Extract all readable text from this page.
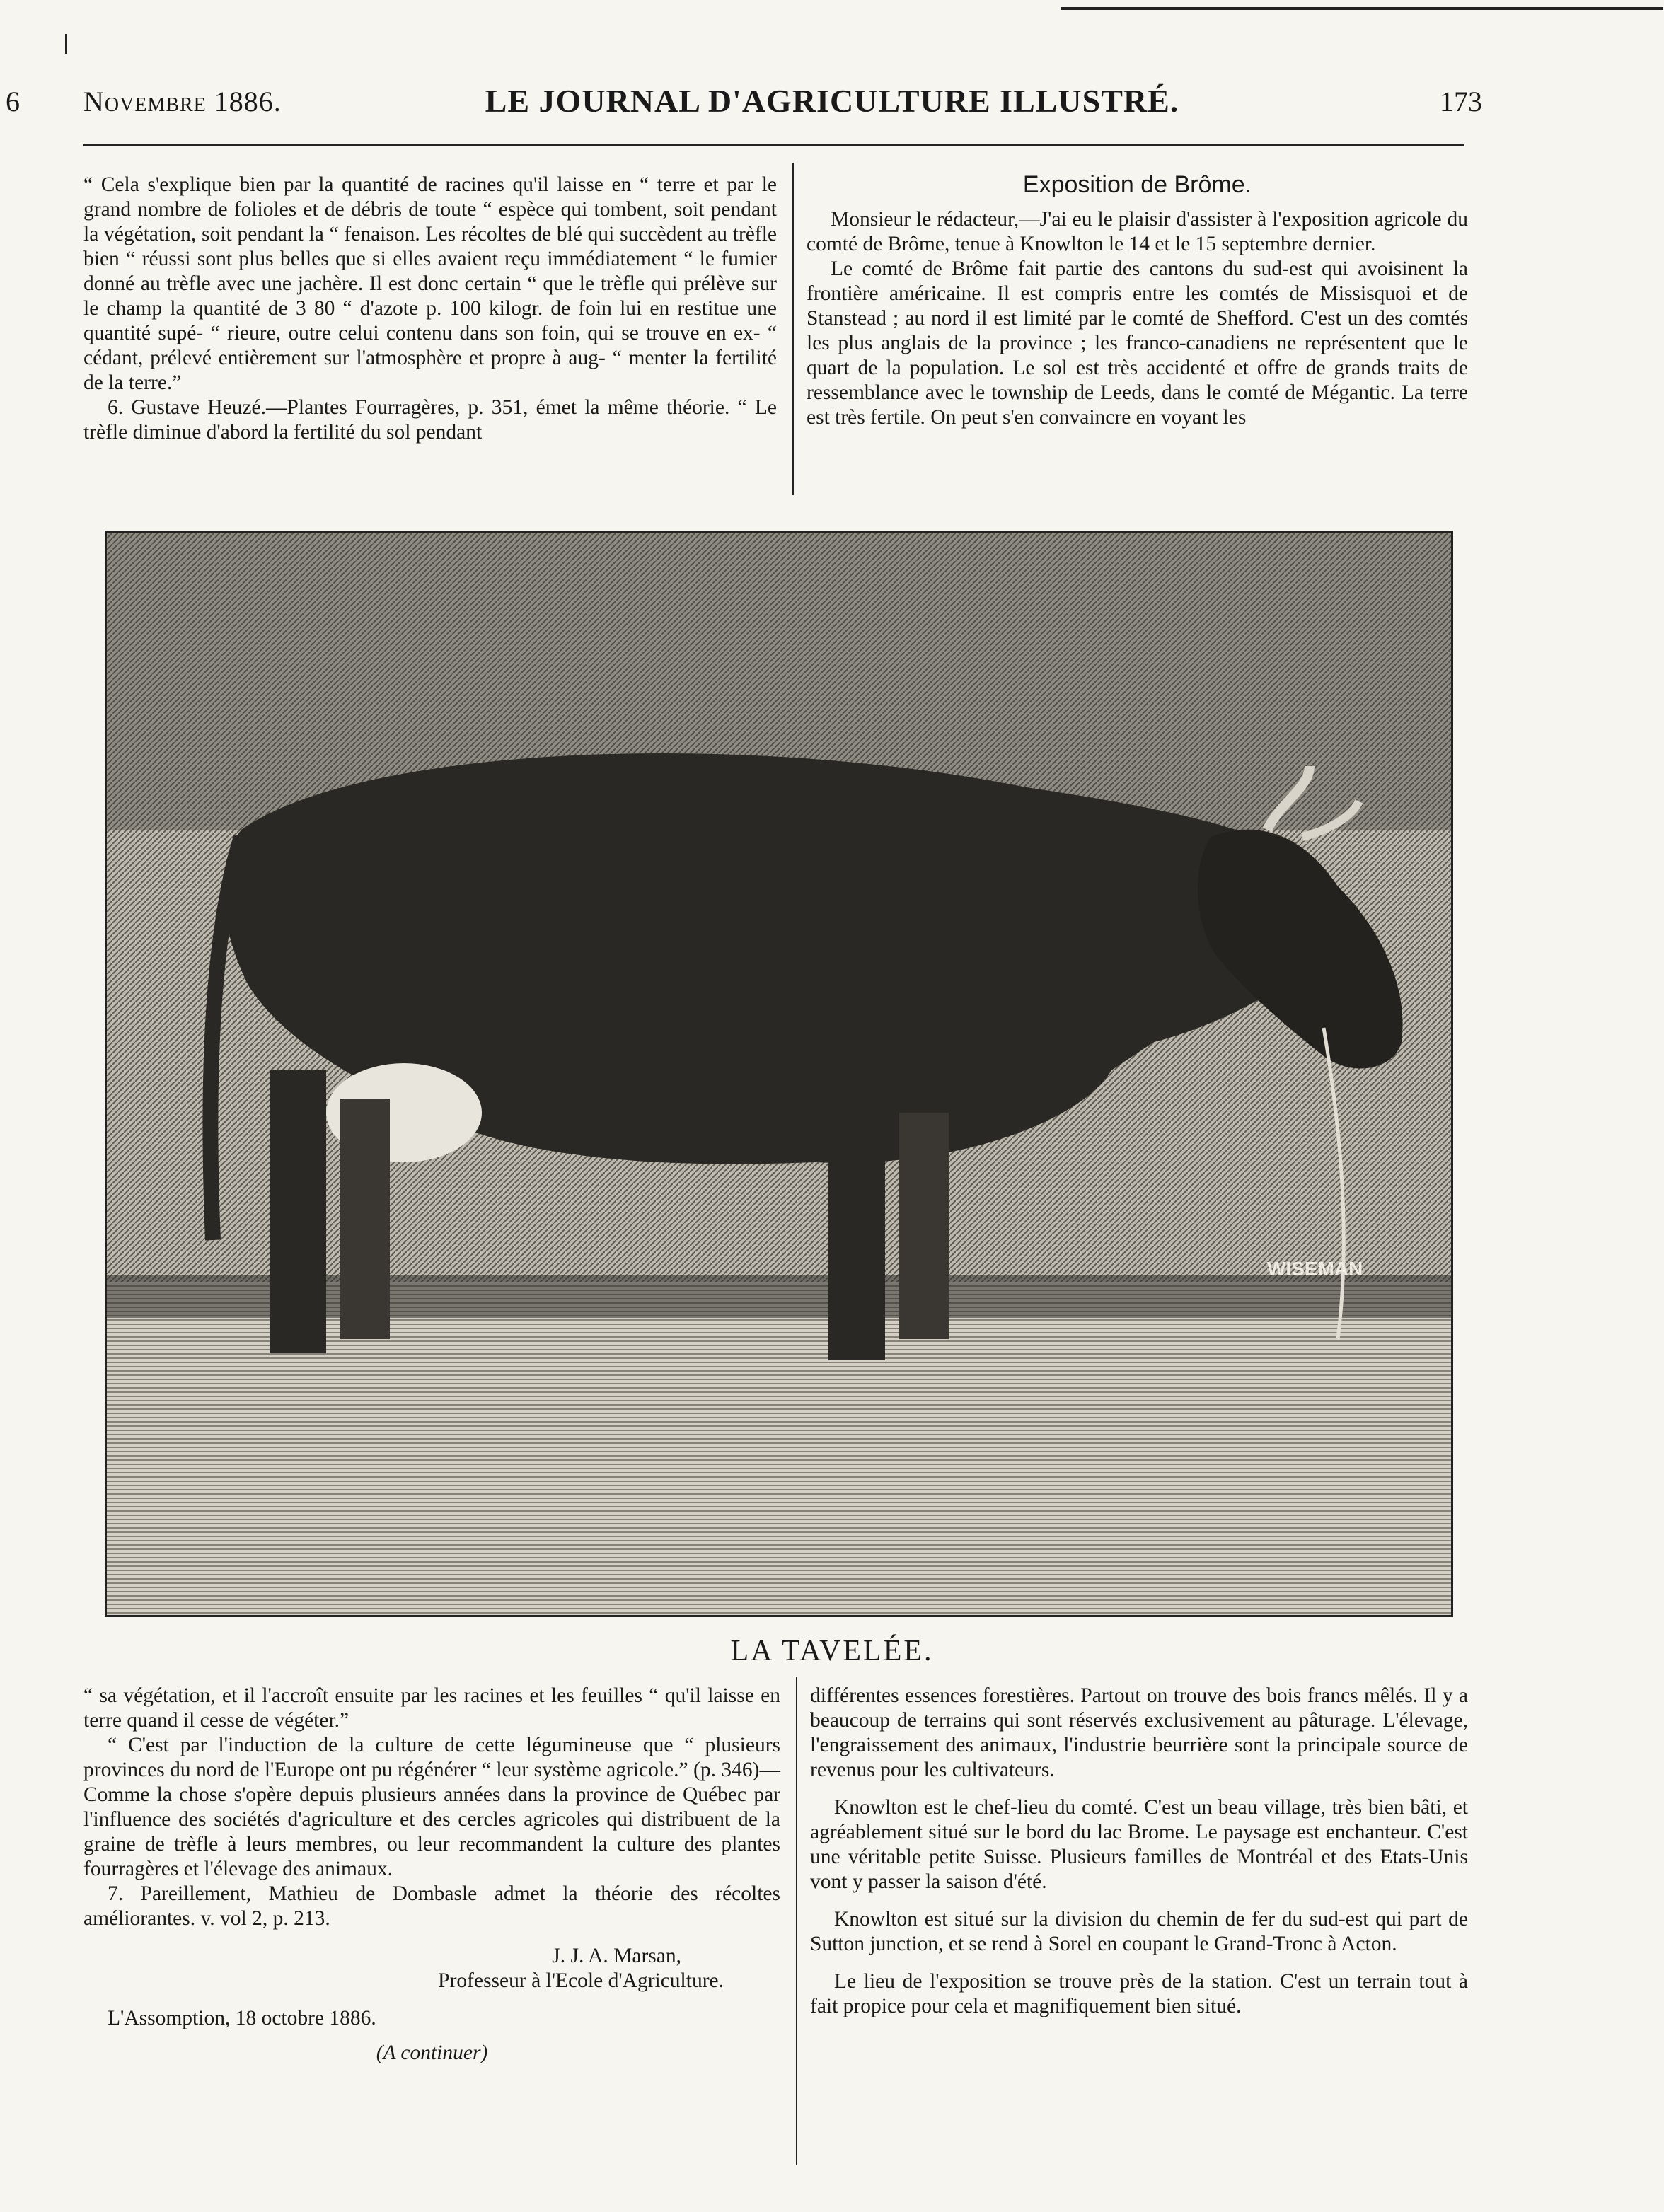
6 Novembre 1886.	LE JOURNAL D'AGRICULTURE ILLUSTRÉ.	173

“ Cela s'explique bien par la quantité de racines qu'il laisse en “ terre et par le grand nombre de folioles et de débris de toute “ espèce qui tombent, soit pendant la végétation, soit pendant la “ fenaison. Les récoltes de blé qui succèdent au trèfle bien “ réussi sont plus belles que si elles avaient reçu immédiatement “ le fumier donné au trèfle avec une jachère. Il est donc certain “ que le trèfle qui prélève sur le champ la quantité de 3 80 “ d'azote p. 100 kilogr. de foin lui en restitue une quantité supé- “ rieure, outre celui contenu dans son foin, qui se trouve en ex- “ cédant, prélevé entièrement sur l'atmosphère et propre à aug- “ menter la fertilité de la terre.”

6. Gustave Heuzé.—Plantes Fourragères, p. 351, émet la même théorie. “ Le trèfle diminue d'abord la fertilité du sol pendant

Exposition de Brôme.

Monsieur le rédacteur,—J'ai eu le plaisir d'assister à l'exposition agricole du comté de Brôme, tenue à Knowlton le 14 et le 15 septembre dernier.

Le comté de Brôme fait partie des cantons du sud-est qui avoisinent la frontière américaine. Il est compris entre les comtés de Missisquoi et de Stanstead ; au nord il est limité par le comté de Shefford. C'est un des comtés les plus anglais de la province ; les franco-canadiens ne représentent que le quart de la population. Le sol est très accidenté et offre de grands traits de ressemblance avec le township de Leeds, dans le comté de Mégantic. La terre est très fertile. On peut s'en convaincre en voyant les

WISEMAN
LA TAVELÉE.

“ sa végétation, et il l'accroît ensuite par les racines et les feuilles “ qu'il laisse en terre quand il cesse de végéter.”

“ C'est par l'induction de la culture de cette légumineuse que “ plusieurs provinces du nord de l'Europe ont pu régénérer “ leur système agricole.” (p. 346)—Comme la chose s'opère depuis plusieurs années dans la province de Québec par l'influence des sociétés d'agriculture et des cercles agricoles qui distribuent de la graine de trèfle à leurs membres, ou leur recommandent la culture des plantes fourragères et l'élevage des animaux.

7. Pareillement, Mathieu de Dombasle admet la théorie des récoltes améliorantes. v. vol 2, p. 213.

J. J. A. Marsan,

Professeur à l'Ecole d'Agriculture.

L'Assomption, 18 octobre 1886.

(A continuer)

différentes essences forestières. Partout on trouve des bois francs mêlés. Il y a beaucoup de terrains qui sont réservés exclusivement au pâturage. L'élevage, l'engraissement des animaux, l'industrie beurrière sont la principale source de revenus pour les cultivateurs.

Knowlton est le chef-lieu du comté. C'est un beau village, très bien bâti, et agréablement situé sur le bord du lac Brome. Le paysage est enchanteur. C'est une véritable petite Suisse. Plusieurs familles de Montréal et des Etats-Unis vont y passer la saison d'été.

Knowlton est situé sur la division du chemin de fer du sud-est qui part de Sutton junction, et se rend à Sorel en coupant le Grand-Tronc à Acton.

Le lieu de l'exposition se trouve près de la station. C'est un terrain tout à fait propice pour cela et magnifiquement bien situé.
